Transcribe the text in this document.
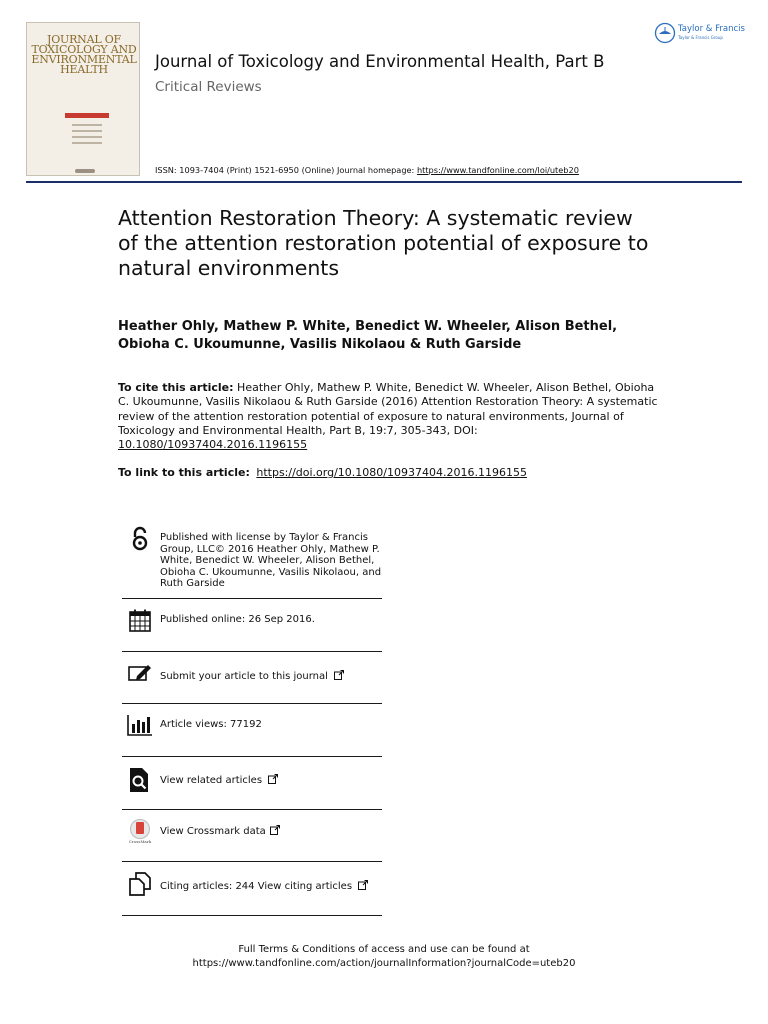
JOURNAL OF
TOXICOLOGY AND
ENVIRONMENTAL
HEALTH	Journal of Toxicology and Environmental Health, Part B
Critical Reviews
ISSN: 1093-7404 (Print) 1521-6950 (Online) Journal homepage: https://www.tandfonline.com/loi/uteb20
Taylor & Francis
Taylor & Francis Group
Attention Restoration Theory: A systematic review of the attention restoration potential of exposure to natural environments
Heather Ohly, Mathew P. White, Benedict W. Wheeler, Alison Bethel, Obioha C. Ukoumunne, Vasilis Nikolaou & Ruth Garside
To cite this article: Heather Ohly, Mathew P. White, Benedict W. Wheeler, Alison Bethel, Obioha C. Ukoumunne, Vasilis Nikolaou & Ruth Garside (2016) Attention Restoration Theory: A systematic review of the attention restoration potential of exposure to natural environments, Journal of Toxicology and Environmental Health, Part B, 19:7, 305-343, DOI: 10.1080/10937404.2016.1196155
To link to this article: https://doi.org/10.1080/10937404.2016.1196155
Published with license by Taylor & Francis Group, LLC© 2016 Heather Ohly, Mathew P. White, Benedict W. Wheeler, Alison Bethel, Obioha C. Ukoumunne, Vasilis Nikolaou, and Ruth Garside
Published online: 26 Sep 2016.
Submit your article to this journal
Article views: 77192
View related articles
CrossMark
View Crossmark data
Citing articles: 244 View citing articles
Full Terms & Conditions of access and use can be found at
https://www.tandfonline.com/action/journalInformation?journalCode=uteb20
